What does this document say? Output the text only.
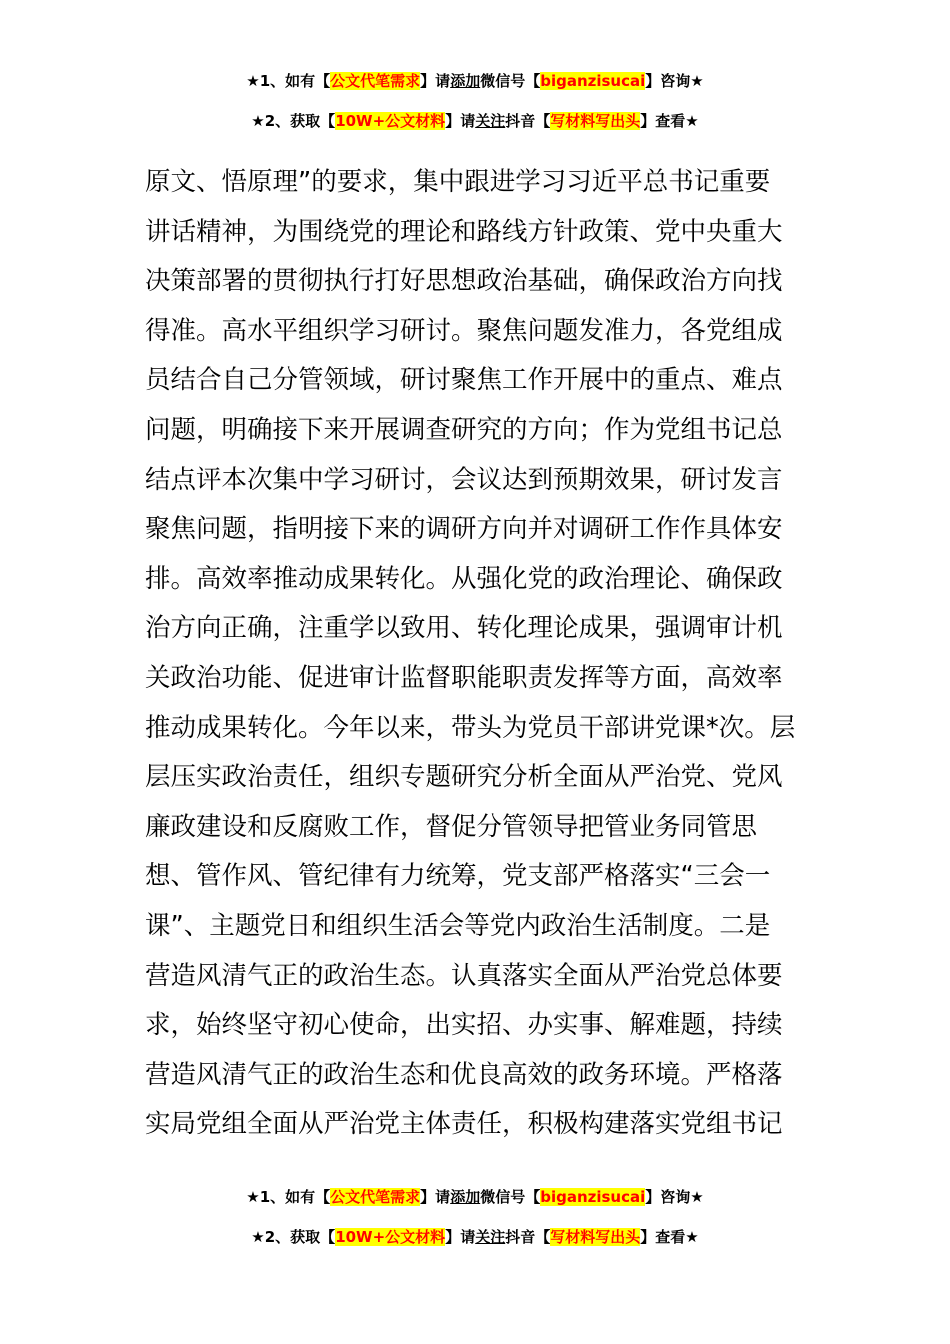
★1、如有【公文代笔需求】请添加微信号【biganzisucai】咨询★
★2、获取【10W+公文材料】请关注抖音【写材料写出头】查看★
原文、悟原理”的要求，集中跟进学习习近平总书记重要
讲话精神，为围绕党的理论和路线方针政策、党中央重大
决策部署的贯彻执行打好思想政治基础，确保政治方向找
得准。高水平组织学习研讨。聚焦问题发准力，各党组成
员结合自己分管领域，研讨聚焦工作开展中的重点、难点
问题，明确接下来开展调查研究的方向；作为党组书记总
结点评本次集中学习研讨，会议达到预期效果，研讨发言
聚焦问题，指明接下来的调研方向并对调研工作作具体安
排。高效率推动成果转化。从强化党的政治理论、确保政
治方向正确，注重学以致用、转化理论成果，强调审计机
关政治功能、促进审计监督职能职责发挥等方面，高效率
推动成果转化。今年以来，带头为党员干部讲党课*次。层
层压实政治责任，组织专题研究分析全面从严治党、党风
廉政建设和反腐败工作，督促分管领导把管业务同管思
想、管作风、管纪律有力统筹，党支部严格落实“三会一
课”、主题党日和组织生活会等党内政治生活制度。二是
营造风清气正的政治生态。认真落实全面从严治党总体要
求，始终坚守初心使命，出实招、办实事、解难题，持续
营造风清气正的政治生态和优良高效的政务环境。严格落
实局党组全面从严治党主体责任，积极构建落实党组书记
★1、如有【公文代笔需求】请添加微信号【biganzisucai】咨询★
★2、获取【10W+公文材料】请关注抖音【写材料写出头】查看★
